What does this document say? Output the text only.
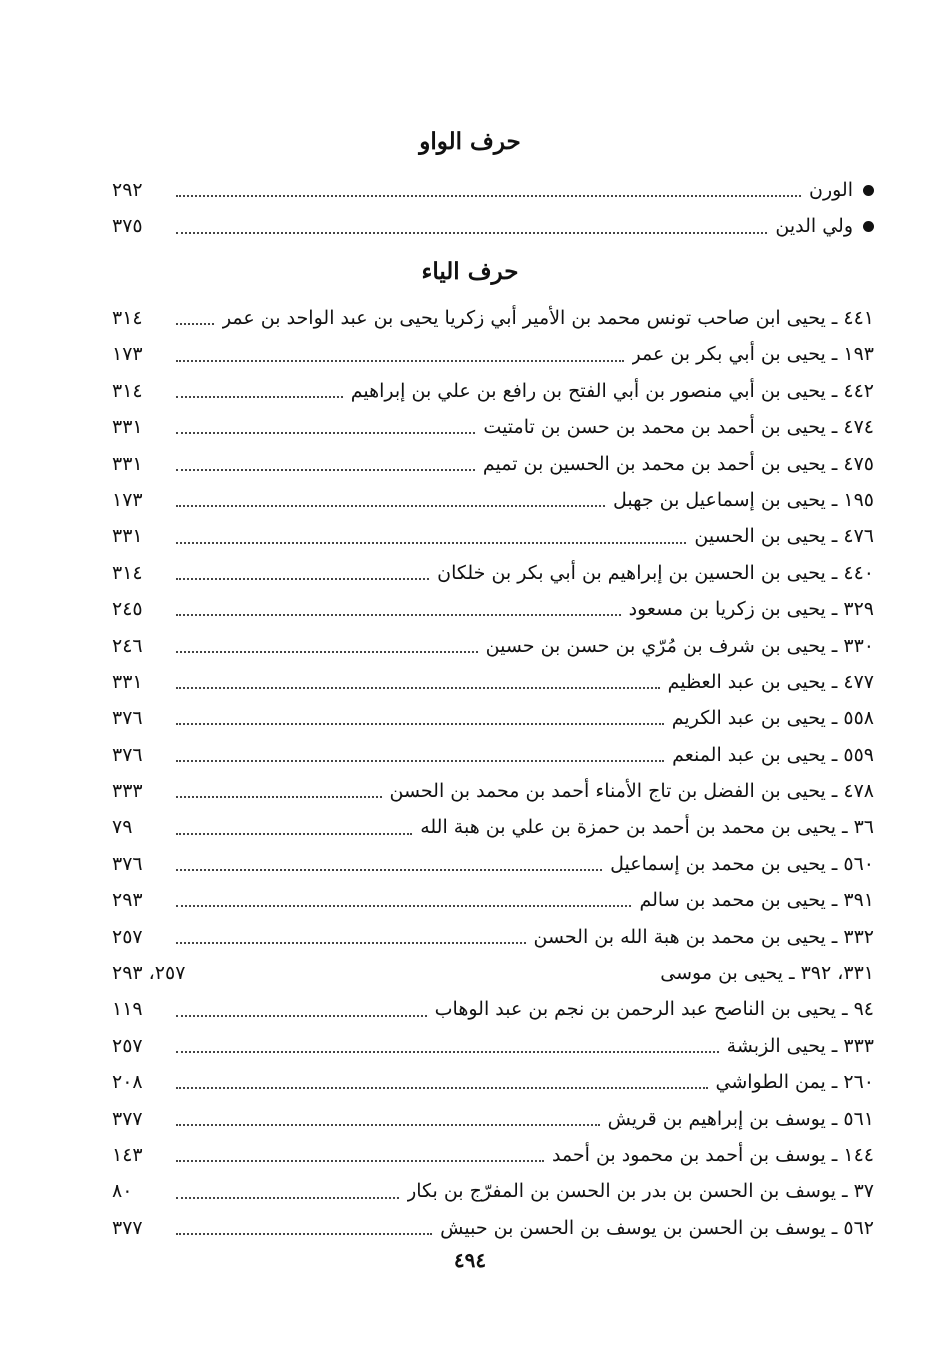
حرف الواو
الورن
٢٩٢
ولي الدين
٣٧٥
حرف الياء
٤٤١
ـ
يحيى ابن صاحب تونس محمد بن الأمير أبي زكريا يحيى بن عبد الواحد بن عمر
٣١٤
١٩٣
ـ
يحيى بن أبي بكر بن عمر
١٧٣
٤٤٢
ـ
يحيى بن أبي منصور بن أبي الفتح بن رافع بن علي بن إبراهيم
٣١٤
٤٧٤
ـ
يحيى بن أحمد بن محمد بن حسن بن تامتيت
٣٣١
٤٧٥
ـ
يحيى بن أحمد بن محمد بن الحسين بن تميم
٣٣١
١٩٥
ـ
يحيى بن إسماعيل بن جهبل
١٧٣
٤٧٦
ـ
يحيى بن الحسين
٣٣١
٤٤٠
ـ
يحيى بن الحسين بن إبراهيم بن أبي بكر بن خلكان
٣١٤
٣٢٩
ـ
يحيى بن زكريا بن مسعود
٢٤٥
٣٣٠
ـ
يحيى بن شرف بن مُرّي بن حسن بن حسين
٢٤٦
٤٧٧
ـ
يحيى بن عبد العظيم
٣٣١
٥٥٨
ـ
يحيى بن عبد الكريم
٣٧٦
٥٥٩
ـ
يحيى بن عبد المنعم
٣٧٦
٤٧٨
ـ
يحيى بن الفضل بن تاج الأمناء أحمد بن محمد بن الحسن
٣٣٣
٣٦
ـ
يحيى بن محمد بن أحمد بن حمزة بن علي بن هبة الله
٧٩
٥٦٠
ـ
يحيى بن محمد بن إسماعيل
٣٧٦
٣٩١
ـ
يحيى بن محمد بن سالم
٢٩٣
٣٣٢
ـ
يحيى بن محمد بن هبة الله بن الحسن
٢٥٧
٣٣١، ٣٩٢
ـ
يحيى بن موسى
٢٥٧، ٢٩٣
٩٤
ـ
يحيى بن الناصح عبد الرحمن بن نجم بن عبد الوهاب
١١٩
٣٣٣
ـ
يحيى الزبشة
٢٥٧
٢٦٠
ـ
يمن الطواشي
٢٠٨
٥٦١
ـ
يوسف بن إبراهيم بن قريش
٣٧٧
١٤٤
ـ
يوسف بن أحمد بن محمود بن أحمد
١٤٣
٣٧
ـ
يوسف بن الحسن بن بدر بن الحسن بن المفرّج بن بكار
٨٠
٥٦٢
ـ
يوسف بن الحسن بن يوسف بن الحسن بن حبيش
٣٧٧
٤٩٤
